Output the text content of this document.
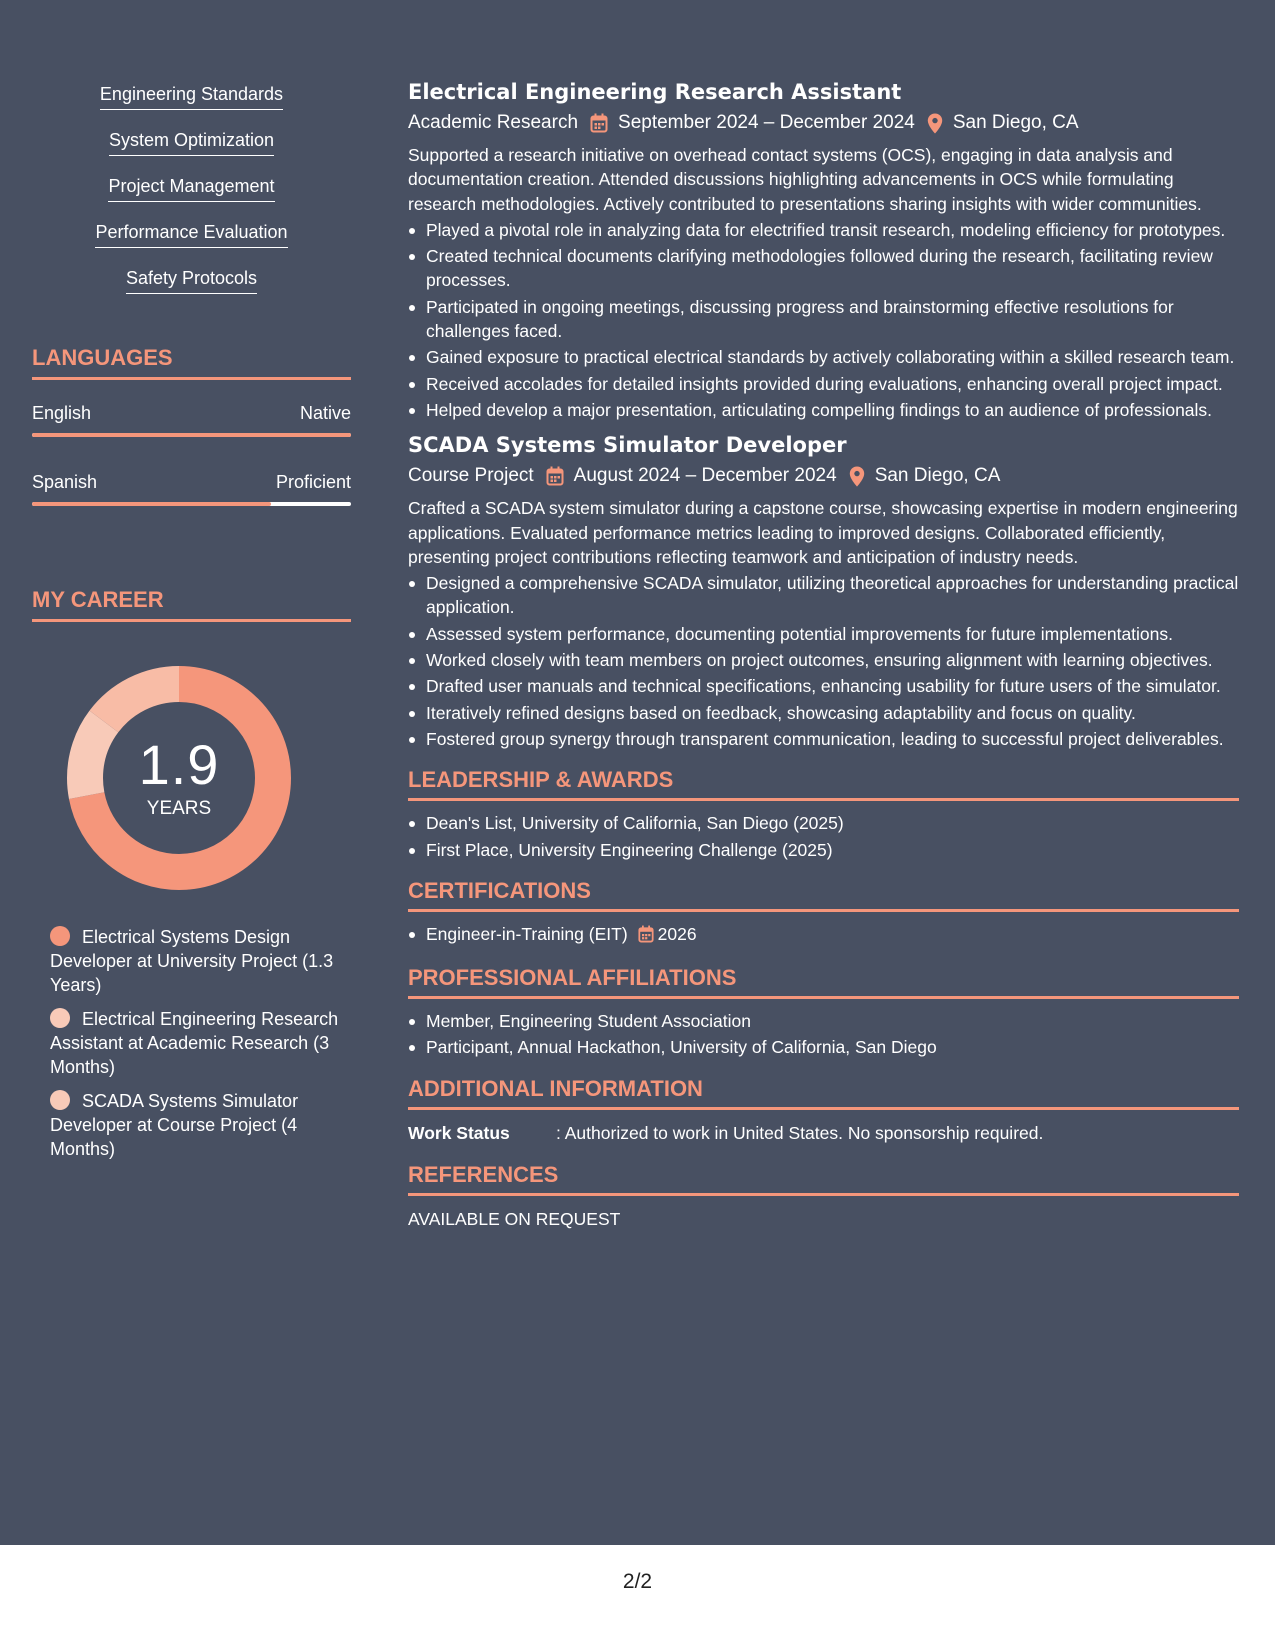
Engineering Standards
System Optimization
Project Management
Performance Evaluation
Safety Protocols
LANGUAGES
English	Native
Spanish	Proficient
MY CAREER
1.9
YEARS
Electrical Systems Design Developer at University Project (1.3 Years)
Electrical Engineering Research Assistant at Academic Research (3 Months)
SCADA Systems Simulator Developer at Course Project (4 Months)
Electrical Engineering Research Assistant
Academic Research September 2024 – December 2024 San Diego, CA
Supported a research initiative on overhead contact systems (OCS), engaging in data analysis and documentation creation. Attended discussions highlighting advancements in OCS while formulating research methodologies. Actively contributed to presentations sharing insights with wider communities.
Played a pivotal role in analyzing data for electrified transit research, modeling efficiency for prototypes.
Created technical documents clarifying methodologies followed during the research, facilitating review processes.
Participated in ongoing meetings, discussing progress and brainstorming effective resolutions for challenges faced.
Gained exposure to practical electrical standards by actively collaborating within a skilled research team.
Received accolades for detailed insights provided during evaluations, enhancing overall project impact.
Helped develop a major presentation, articulating compelling findings to an audience of professionals.
SCADA Systems Simulator Developer
Course Project August 2024 – December 2024 San Diego, CA
Crafted a SCADA system simulator during a capstone course, showcasing expertise in modern engineering applications. Evaluated performance metrics leading to improved designs. Collaborated efficiently, presenting project contributions reflecting teamwork and anticipation of industry needs.
Designed a comprehensive SCADA simulator, utilizing theoretical approaches for understanding practical application.
Assessed system performance, documenting potential improvements for future implementations.
Worked closely with team members on project outcomes, ensuring alignment with learning objectives.
Drafted user manuals and technical specifications, enhancing usability for future users of the simulator.
Iteratively refined designs based on feedback, showcasing adaptability and focus on quality.
Fostered group synergy through transparent communication, leading to successful project deliverables.
LEADERSHIP & AWARDS
Dean's List, University of California, San Diego (2025)
First Place, University Engineering Challenge (2025)
CERTIFICATIONS
Engineer-in-Training (EIT) 2026
PROFESSIONAL AFFILIATIONS
Member, Engineering Student Association
Participant, Annual Hackathon, University of California, San Diego
ADDITIONAL INFORMATION
Work Status	: Authorized to work in United States. No sponsorship required.
REFERENCES
AVAILABLE ON REQUEST
2/2
